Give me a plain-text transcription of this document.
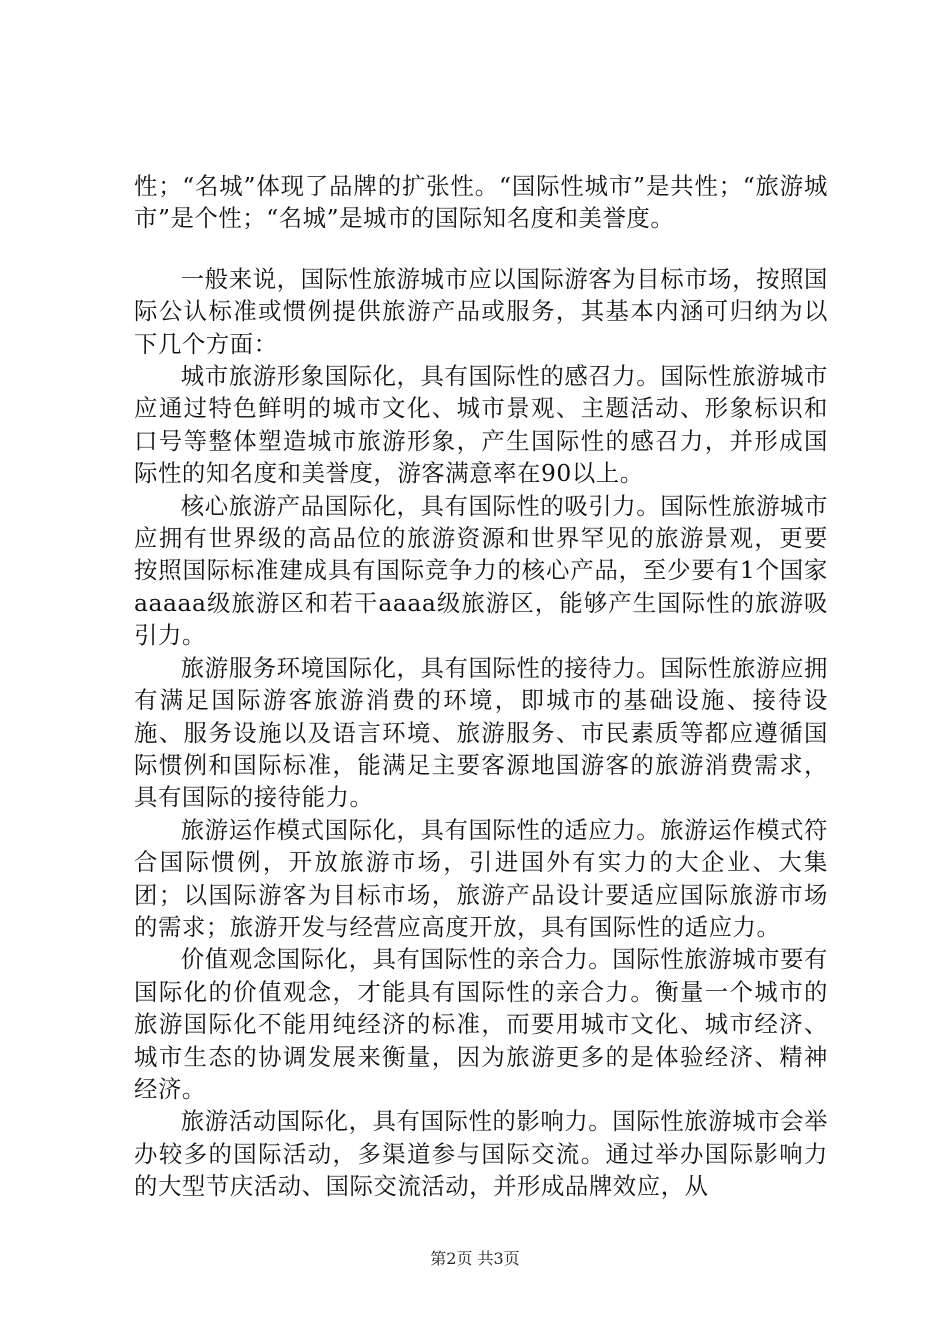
性；“名城”体现了品牌的扩张性。“国际性城市”是共性；“旅游城市”是个性；“名城”是城市的国际知名度和美誉度。

一般来说，国际性旅游城市应以国际游客为目标市场，按照国际公认标准或惯例提供旅游产品或服务，其基本内涵可归纳为以下几个方面：

城市旅游形象国际化，具有国际性的感召力。国际性旅游城市应通过特色鲜明的城市文化、城市景观、主题活动、形象标识和口号等整体塑造城市旅游形象，产生国际性的感召力，并形成国际性的知名度和美誉度，游客满意率在90以上。

核心旅游产品国际化，具有国际性的吸引力。国际性旅游城市应拥有世界级的高品位的旅游资源和世界罕见的旅游景观，更要按照国际标准建成具有国际竞争力的核心产品，至少要有1个国家aaaaa级旅游区和若干aaaa级旅游区，能够产生国际性的旅游吸引力。

旅游服务环境国际化，具有国际性的接待力。国际性旅游应拥有满足国际游客旅游消费的环境，即城市的基础设施、接待设施、服务设施以及语言环境、旅游服务、市民素质等都应遵循国际惯例和国际标准，能满足主要客源地国游客的旅游消费需求，具有国际的接待能力。

旅游运作模式国际化，具有国际性的适应力。旅游运作模式符合国际惯例，开放旅游市场，引进国外有实力的大企业、大集团；以国际游客为目标市场，旅游产品设计要适应国际旅游市场的需求；旅游开发与经营应高度开放，具有国际性的适应力。

价值观念国际化，具有国际性的亲合力。国际性旅游城市要有国际化的价值观念，才能具有国际性的亲合力。衡量一个城市的旅游国际化不能用纯经济的标准，而要用城市文化、城市经济、城市生态的协调发展来衡量，因为旅游更多的是体验经济、精神经济。

旅游活动国际化，具有国际性的影响力。国际性旅游城市会举办较多的国际活动，多渠道参与国际交流。通过举办国际影响力的大型节庆活动、国际交流活动，并形成品牌效应，从

第2页 共3页
